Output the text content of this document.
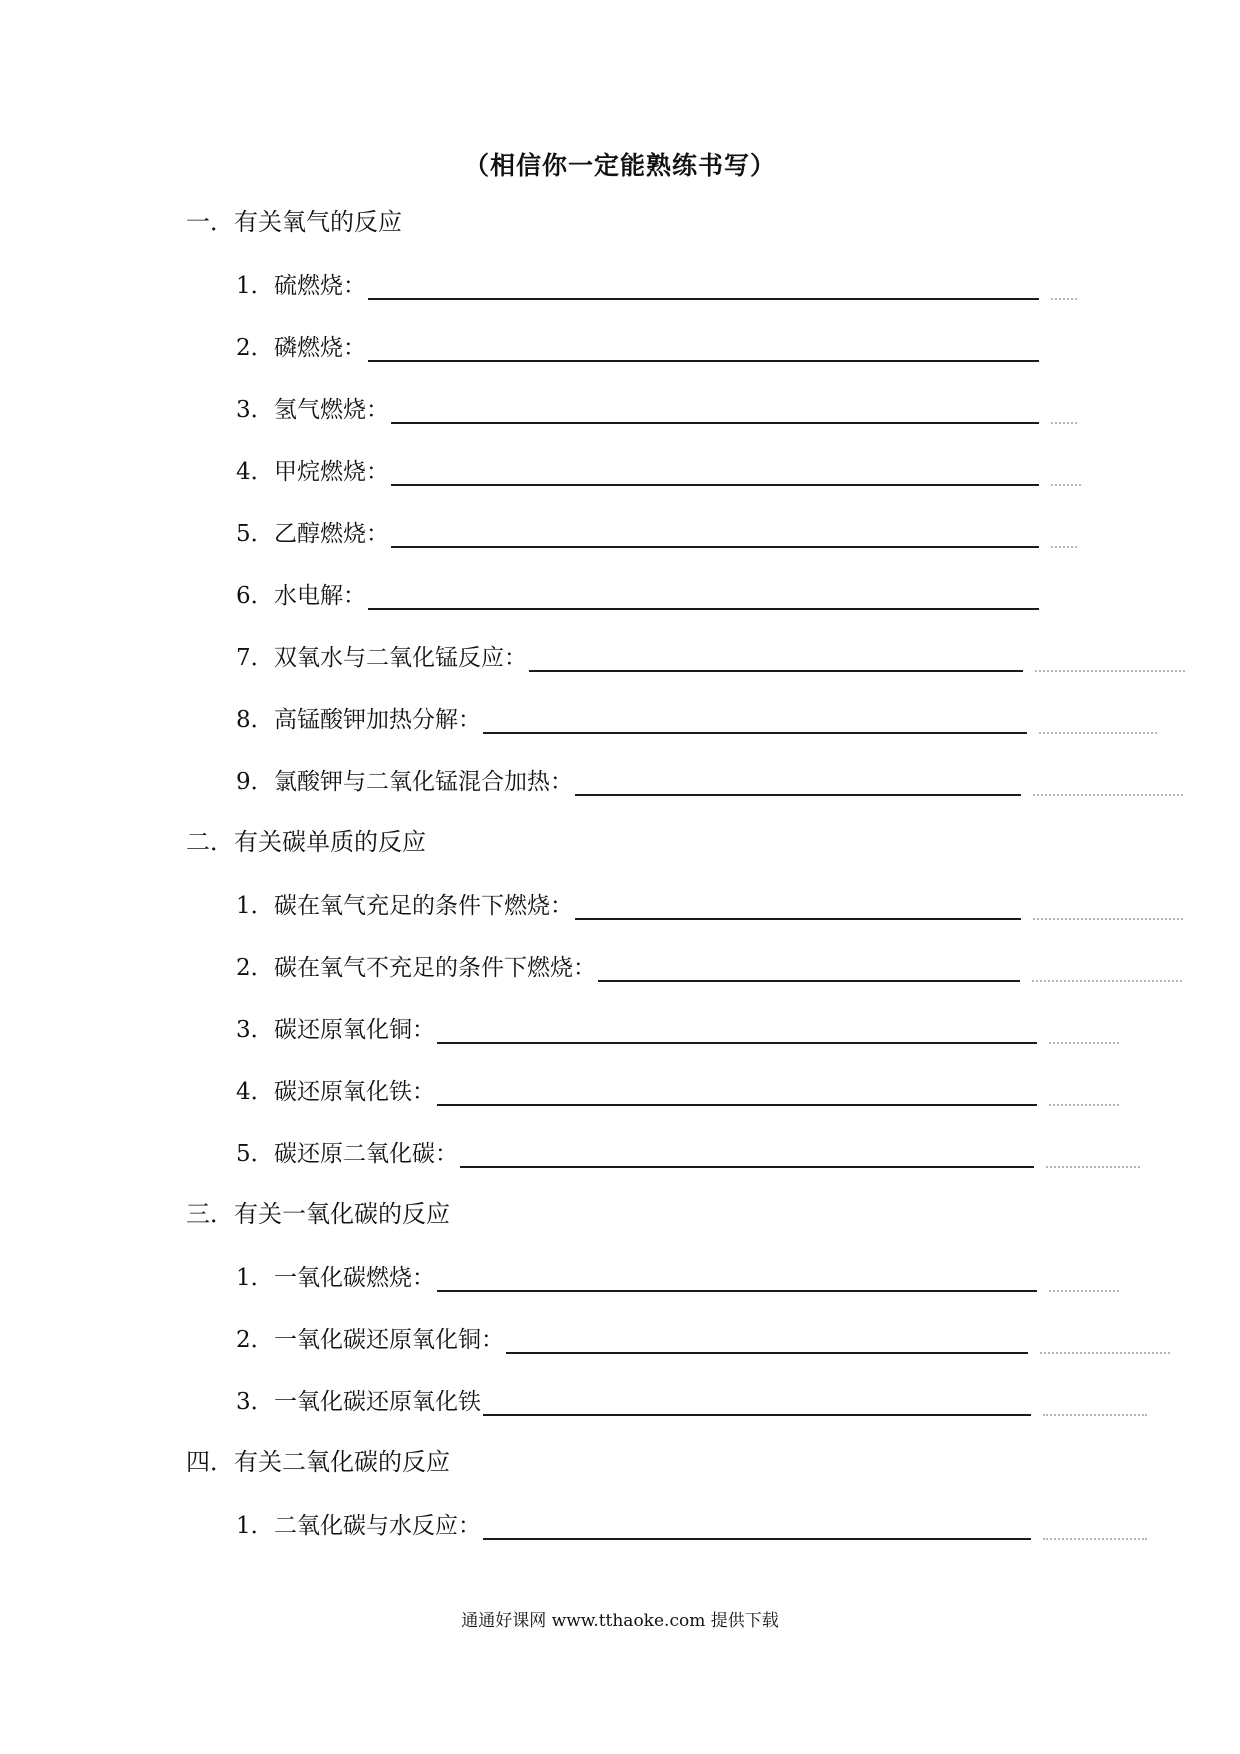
（相信你一定能熟练书写）
一．有关氧气的反应
1． 硫燃烧：
2． 磷燃烧：
3． 氢气燃烧：
4． 甲烷燃烧：
5． 乙醇燃烧：
6． 水电解：
7． 双氧水与二氧化锰反应：
8． 高锰酸钾加热分解：
9． 氯酸钾与二氧化锰混合加热：
二．有关碳单质的反应
1． 碳在氧气充足的条件下燃烧：
2． 碳在氧气不充足的条件下燃烧：
3． 碳还原氧化铜：
4． 碳还原氧化铁：
5． 碳还原二氧化碳：
三．有关一氧化碳的反应
1． 一氧化碳燃烧：
2． 一氧化碳还原氧化铜：
3． 一氧化碳还原氧化铁
四．有关二氧化碳的反应
1． 二氧化碳与水反应：
通通好课网 www.tthaoke.com 提供下载
